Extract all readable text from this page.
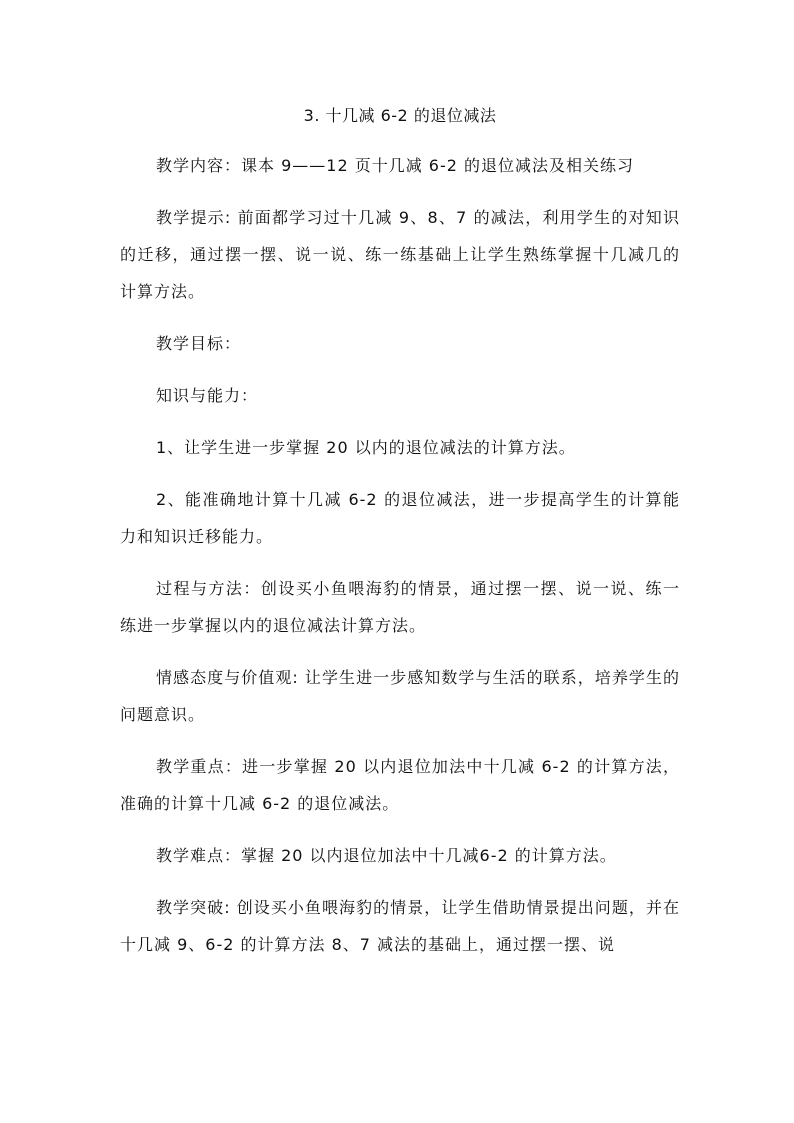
3. 十几减 6-2 的退位减法

教学内容：课本 9——12 页十几减 6-2 的退位减法及相关练习

教学提示: 前面都学习过十几减 9、8、7 的减法，利用学生的对知识的迁移，通过摆一摆、说一说、练一练基础上让学生熟练掌握十几减几的计算方法。

教学目标：

知识与能力：

1、让学生进一步掌握 20 以内的退位减法的计算方法。

2、能准确地计算十几减 6-2 的退位减法，进一步提高学生的计算能力和知识迁移能力。

过程与方法：创设买小鱼喂海豹的情景，通过摆一摆、说一说、练一练进一步掌握以内的退位减法计算方法。

情感态度与价值观: 让学生进一步感知数学与生活的联系，培养学生的问题意识。

教学重点：进一步掌握 20 以内退位加法中十几减 6-2 的计算方法，准确的计算十几减 6-2 的退位减法。

教学难点：掌握 20 以内退位加法中十几减6-2 的计算方法。

教学突破: 创设买小鱼喂海豹的情景，让学生借助情景提出问题，并在十几减 9、6-2 的计算方法 8、7 减法的基础上，通过摆一摆、说
